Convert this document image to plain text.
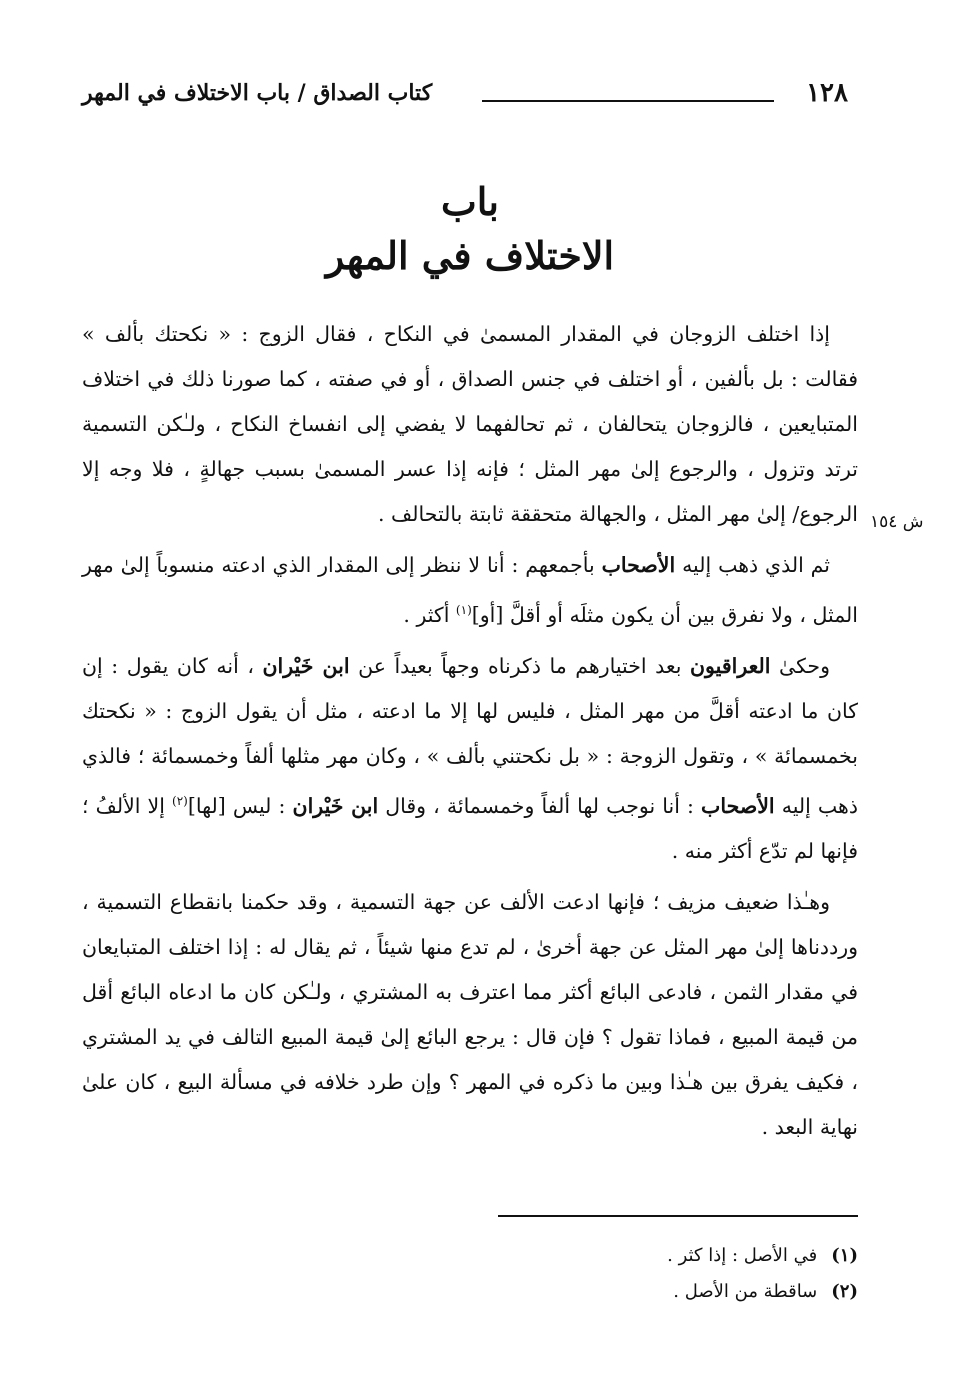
١٢٨
كتاب الصداق / باب الاختلاف في المهر
باب
الاختلاف في المهر
ش ١٥٤

إذا اختلف الزوجان في المقدار المسمىٰ في النكاح ، فقال الزوج : « نكحتك بألف » فقالت : بل بألفين ، أو اختلف في جنس الصداق ، أو في صفته ، كما صورنا ذلك في اختلاف المتبايعين ، فالزوجان يتحالفان ، ثم تحالفهما لا يفضي إلى انفساخ النكاح ، ولـٰكن التسمية ترتد وتزول ، والرجوع إلىٰ مهر المثل ؛ فإنه إذا عسر المسمىٰ بسبب جهالةٍ ، فلا وجه إلا الرجوع/ إلىٰ مهر المثل ، والجهالة متحققة ثابتة بالتحالف .

ثم الذي ذهب إليه الأصحاب بأجمعهم : أنا لا ننظر إلى المقدار الذي ادعته منسوباً إلىٰ مهر المثل ، ولا نفرق بين أن يكون مثلَه أو أقلَّ [أو]$^{(١)}$ أكثر .

وحكىٰ العراقيون بعد اختيارهم ما ذكرناه وجهاً بعيداً عن ابن خَيْران ، أنه كان يقول : إن كان ما ادعته أقلَّ من مهر المثل ، فليس لها إلا ما ادعته ، مثل أن يقول الزوج : « نكحتك بخمسمائة » ، وتقول الزوجة : « بل نكحتني بألف » ، وكان مهر مثلها ألفاً وخمسمائة ؛ فالذي ذهب إليه الأصحاب : أنا نوجب لها ألفاً وخمسمائة ، وقال ابن خَيْران : ليس [لها]$^{(٢)}$ إلا الألفُ ؛ فإنها لم تدّع أكثر منه .

وهـٰذا ضعيف مزيف ؛ فإنها ادعت الألف عن جهة التسمية ، وقد حكمنا بانقطاع التسمية ، ورددناها إلىٰ مهر المثل عن جهة أخرىٰ ، لم تدع منها شيئاً ، ثم يقال له : إذا اختلف المتبايعان في مقدار الثمن ، فادعى البائع أكثر مما اعترف به المشتري ، ولـٰكن كان ما ادعاه البائع أقل من قيمة المبيع ، فماذا تقول ؟ فإن قال : يرجع البائع إلىٰ قيمة المبيع التالف في يد المشتري ، فكيف يفرق بين هـٰذا وبين ما ذكره في المهر ؟ وإن طرد خلافه في مسألة البيع ، كان علىٰ نهاية البعد .

(١)
في الأصل : إذا كثر .
(٢)
ساقطة من الأصل .
